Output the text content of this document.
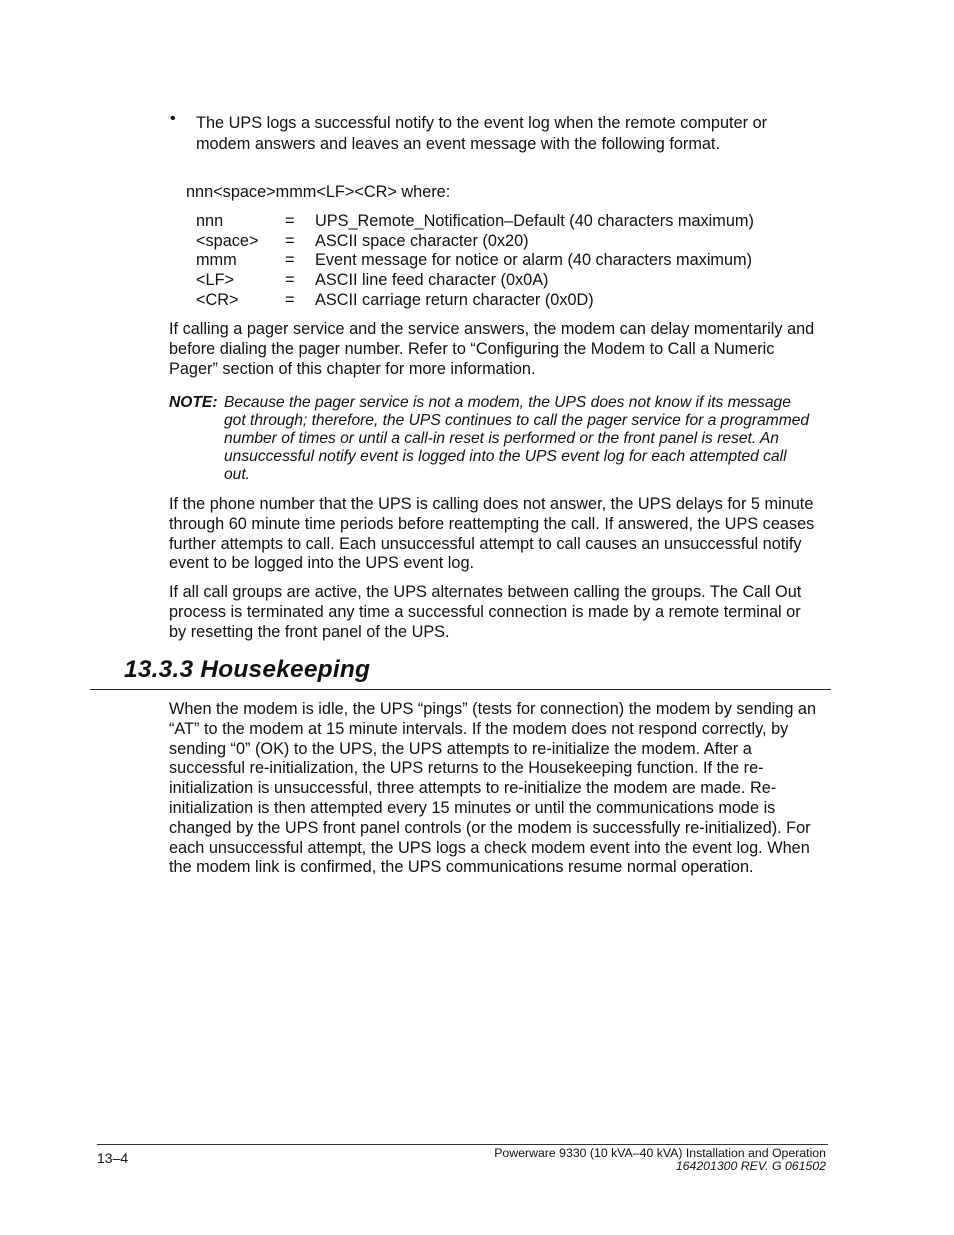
• The UPS logs a successful notify to the event log when the remote computer or modem answers and leaves an event message with the following format.

nnn<space>mmm<LF><CR> where:
nnn	= UPS_Remote_Notification–Default (40 characters maximum)
<space> = ASCII space character (0x20)
mmm	= Event message for notice or alarm (40 characters maximum)
<LF>	= ASCII line feed character (0x0A)
<CR>	= ASCII carriage return character (0x0D)

If calling a pager service and the service answers, the modem can delay momentarily and before dialing the pager number. Refer to “Configuring the Modem to Call a Numeric Pager” section of this chapter for more information.

NOTE: Because the pager service is not a modem, the UPS does not know if its message got through; therefore, the UPS continues to call the pager service for a programmed number of times or until a call-in reset is performed or the front panel is reset. An unsuccessful notify event is logged into the UPS event log for each attempted call out.

If the phone number that the UPS is calling does not answer, the UPS delays for 5 minute through 60 minute time periods before reattempting the call. If answered, the UPS ceases further attempts to call. Each unsuccessful attempt to call causes an unsuccessful notify event to be logged into the UPS event log.

If all call groups are active, the UPS alternates between calling the groups. The Call Out process is terminated any time a successful connection is made by a remote terminal or by resetting the front panel of the UPS.

13.3.3 Housekeeping

When the modem is idle, the UPS “pings” (tests for connection) the modem by sending an “AT” to the modem at 15 minute intervals. If the modem does not respond correctly, by sending “0” (OK) to the UPS, the UPS attempts to re-initialize the modem. After a successful re-initialization, the UPS returns to the Housekeeping function. If the re-initialization is unsuccessful, three attempts to re-initialize the modem are made. Re-initialization is then attempted every 15 minutes or until the communications mode is changed by the UPS front panel controls (or the modem is successfully re-initialized). For each unsuccessful attempt, the UPS logs a check modem event into the event log. When the modem link is confirmed, the UPS communications resume normal operation.

13–4	Powerware 9330 (10 kVA–40 kVA) Installation and Operation
164201300 REV. G 061502
